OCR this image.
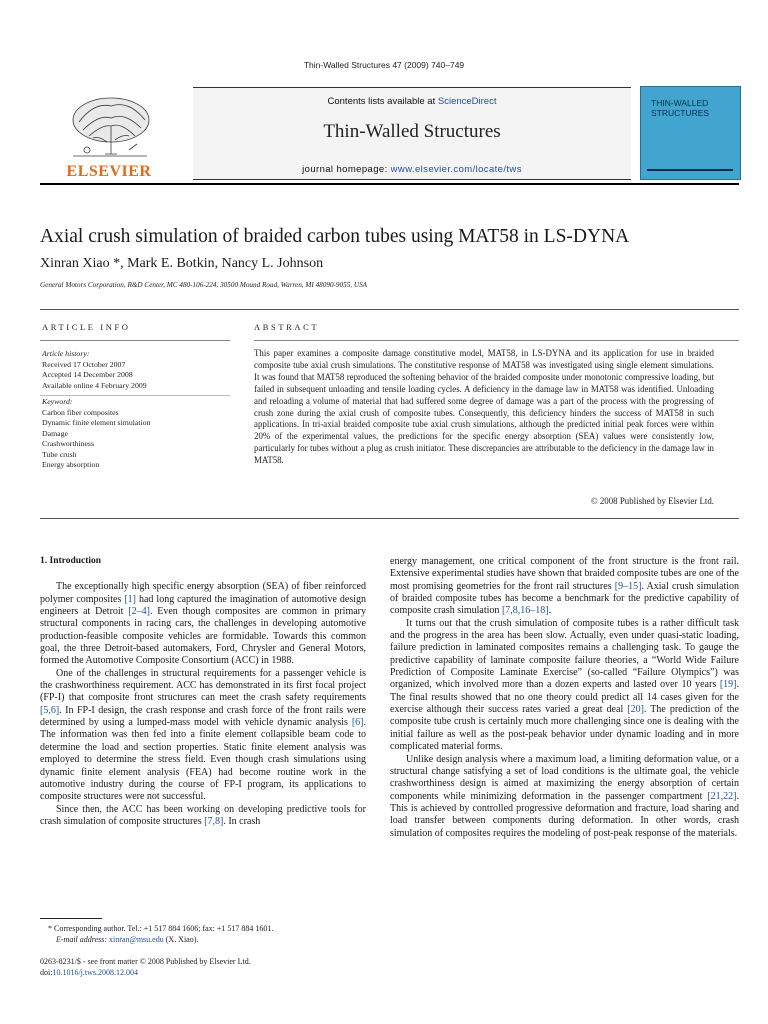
Thin-Walled Structures 47 (2009) 740–749
ELSEVIER
Contents lists available at ScienceDirect
Thin-Walled Structures
journal homepage: www.elsevier.com/locate/tws
THIN-WALLED
STRUCTURES
Axial crush simulation of braided carbon tubes using MAT58 in LS-DYNA
Xinran Xiao *, Mark E. Botkin, Nancy L. Johnson
General Motors Corporation, R&D Center, MC 480-106-224, 30500 Mound Road, Warren, MI 48090-9055, USA
ARTICLE INFO
Article history:
Received 17 October 2007
Accepted 14 December 2008
Available online 4 February 2009
Keyword:
Carbon fiber composites
Dynamic finite element simulation
Damage
Crashworthiness
Tube crush
Energy absorption
ABSTRACT
This paper examines a composite damage constitutive model, MAT58, in LS-DYNA and its application for use in braided composite tube axial crush simulations. The constitutive response of MAT58 was investigated using single element simulations. It was found that MAT58 reproduced the softening behavior of the braided composite under monotonic compressive loading, but failed in subsequent unloading and tensile loading cycles. A deficiency in the damage law in MAT58 was identified. Unloading and reloading a volume of material that had suffered some degree of damage was a part of the process with the progressing of crush zone during the axial crush of composite tubes. Consequently, this deficiency hinders the success of MAT58 in such applications. In tri-axial braided composite tube axial crush simulations, although the predicted initial peak forces were within 20% of the experimental values, the predictions for the specific energy absorption (SEA) values were consistently low, particularly for tubes without a plug as crush initiator. These discrepancies are attributable to the deficiency in the damage law in MAT58.
© 2008 Published by Elsevier Ltd.
1. Introduction

The exceptionally high specific energy absorption (SEA) of fiber reinforced polymer composites [1] had long captured the imagination of automotive design engineers at Detroit [2–4]. Even though composites are common in primary structural components in racing cars, the challenges in developing automotive production-feasible composite vehicles are formidable. Towards this common goal, the three Detroit-based automakers, Ford, Chrysler and General Motors, formed the Automotive Composite Consortium (ACC) in 1988.

One of the challenges in structural requirements for a passenger vehicle is the crashworthiness requirement. ACC has demonstrated in its first focal project (FP-I) that composite front structures can meet the crash safety requirements [5,6]. In FP-I design, the crash response and crash force of the front rails were determined by using a lumped-mass model with vehicle dynamic analysis [6]. The information was then fed into a finite element collapsible beam code to determine the load and section properties. Static finite element analysis was employed to determine the stress field. Even though crash simulations using dynamic finite element analysis (FEA) had become routine work in the automotive industry during the course of FP-I program, its applications to composite structures were not successful.

Since then, the ACC has been working on developing predictive tools for crash simulation of composite structures [7,8]. In crash

energy management, one critical component of the front structure is the front rail. Extensive experimental studies have shown that braided composite tubes are one of the most promising geometries for the front rail structures [9–15]. Axial crush simulation of braided composite tubes has become a benchmark for the predictive capability of composite crash simulation [7,8,16–18].

It turns out that the crush simulation of composite tubes is a rather difficult task and the progress in the area has been slow. Actually, even under quasi-static loading, failure prediction in laminated composites remains a challenging task. To gauge the predictive capability of laminate composite failure theories, a “World Wide Failure Prediction of Composite Laminate Exercise” (so-called “Failure Olympics”) was organized, which involved more than a dozen experts and lasted over 10 years [19]. The final results showed that no one theory could predict all 14 cases given for the exercise although their success rates varied a great deal [20]. The prediction of the composite tube crush is certainly much more challenging since one is dealing with the initial failure as well as the post-peak behavior under dynamic loading and in more complicated material forms.

Unlike design analysis where a maximum load, a limiting deformation value, or a structural change satisfying a set of load conditions is the ultimate goal, the vehicle crashworthiness design is aimed at maximizing the energy absorption of certain components while minimizing deformation in the passenger compartment [21,22]. This is achieved by controlled progressive deformation and fracture, load sharing and load transfer between components during deformation. In other words, crash simulation of composites requires the modeling of post-peak response of the materials.

* Corresponding author. Tel.: +1 517 884 1606; fax: +1 517 884 1601.
E-mail address: xinran@msu.edu (X. Xiao).
0263-8231/$ - see front matter © 2008 Published by Elsevier Ltd.
doi:10.1016/j.tws.2008.12.004
